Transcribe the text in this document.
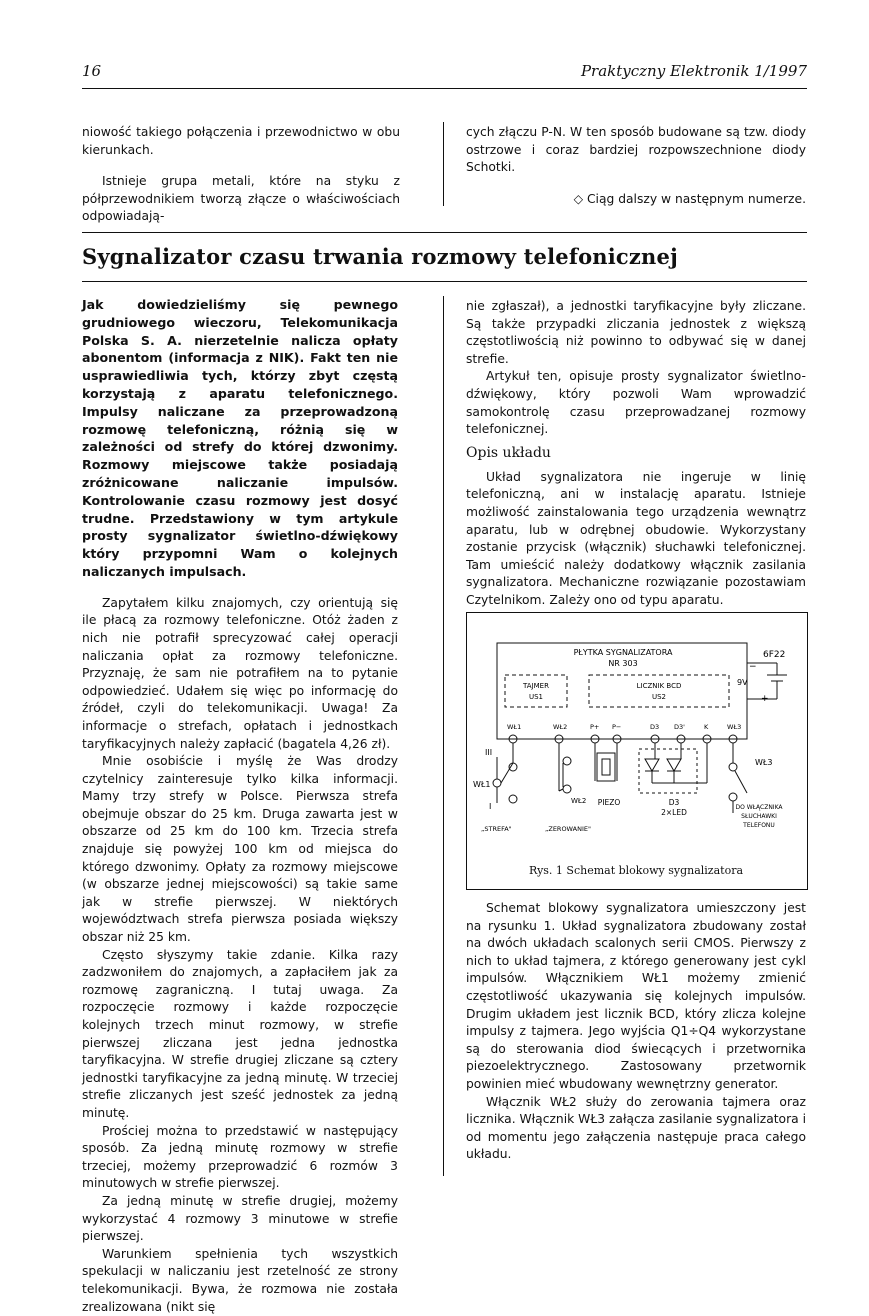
16	Praktyczny Elektronik 1/1997

niowość takiego połączenia i przewodnictwo w obu kierunkach.

Istnieje grupa metali, które na styku z półprzewodnikiem tworzą złącze o właściwościach odpowiadają-

cych złączu P-N. W ten sposób budowane są tzw. diody ostrzowe i coraz bardziej rozpowszechnione diody Schotki.

◇ Ciąg dalszy w następnym numerze.

Sygnalizator czasu trwania rozmowy telefonicznej

Jak dowiedzieliśmy się pewnego grudniowego wieczoru, Telekomunikacja Polska S. A. nierzetelnie nalicza opłaty abonentom (informacja z NIK). Fakt ten nie usprawiedliwia tych, którzy zbyt częstą korzystają z aparatu telefonicznego. Impulsy naliczane za przeprowadzoną rozmowę telefoniczną, różnią się w zależności od strefy do której dzwonimy. Rozmowy miejscowe także posiadają zróżnicowane naliczanie impulsów. Kontrolowanie czasu rozmowy jest dosyć trudne. Przedstawiony w tym artykule prosty sygnalizator świetlno-dźwiękowy który przypomni Wam o kolejnych naliczanych impulsach.

Zapytałem kilku znajomych, czy orientują się ile płacą za rozmowy telefoniczne. Otóż żaden z nich nie potrafił sprecyzować całej operacji naliczania opłat za rozmowy telefoniczne. Przyznaję, że sam nie potrafiłem na to pytanie odpowiedzieć. Udałem się więc po informację do źródeł, czyli do telekomunikacji. Uwaga! Za informacje o strefach, opłatach i jednostkach taryfikacyjnych należy zapłacić (bagatela 4,26 zł).

Mnie osobiście i myślę że Was drodzy czytelnicy zainteresuje tylko kilka informacji. Mamy trzy strefy w Polsce. Pierwsza strefa obejmuje obszar do 25 km. Druga zawarta jest w obszarze od 25 km do 100 km. Trzecia strefa znajduje się powyżej 100 km od miejsca do którego dzwonimy. Opłaty za rozmowy miejscowe (w obszarze jednej miejscowości) są takie same jak w strefie pierwszej. W niektórych województwach strefa pierwsza posiada większy obszar niż 25 km.

Często słyszymy takie zdanie. Kilka razy zadzwoniłem do znajomych, a zapłaciłem jak za rozmowę zagraniczną. I tutaj uwaga. Za rozpoczęcie rozmowy i każde rozpoczęcie kolejnych trzech minut rozmowy, w strefie pierwszej zliczana jest jedna jednostka taryfikacyjna. W strefie drugiej zliczane są cztery jednostki taryfikacyjne za jedną minutę. W trzeciej strefie zliczanych jest sześć jednostek za jedną minutę.

Prościej można to przedstawić w następujący sposób. Za jedną minutę rozmowy w strefie trzeciej, możemy przeprowadzić 6 rozmów 3 minutowych w strefie pierwszej.

Za jedną minutę w strefie drugiej, możemy wykorzystać 4 rozmowy 3 minutowe w strefie pierwszej.

Warunkiem spełnienia tych wszystkich spekulacji w naliczaniu jest rzetelność ze strony telekomunikacji. Bywa, że rozmowa nie została zrealizowana (nikt się

nie zgłaszał), a jednostki taryfikacyjne były zliczane. Są także przypadki zliczania jednostek z większą częstotliwością niż powinno to odbywać się w danej strefie.

Artykuł ten, opisuje prosty sygnalizator świetlno-dźwiękowy, który pozwoli Wam wprowadzić samokontrolę czasu przeprowadzanej rozmowy telefonicznej.

Opis układu

Układ sygnalizatora nie ingeruje w linię telefoniczną, ani w instalację aparatu. Istnieje możliwość zainstalowania tego urządzenia wewnątrz aparatu, lub w odrębnej obudowie. Wykorzystany zostanie przycisk (włącznik) słuchawki telefonicznej. Tam umieścić należy dodatkowy włącznik zasilania sygnalizatora. Mechaniczne rozwiązanie pozostawiam Czytelnikom. Zależy ono od typu aparatu.

PŁYTKA SYGNALIZATORA
NR 303
TAJMER
US1
LICZNIK BCD
US2
6F22
9V
−
+
WŁ1	WŁ2	P+ P−	D3 D3'	K	WŁ3
III
WŁ1
I
WŁ2 PIEZO	D3
2×LED
WŁ3
„STREFA"	„ZEROWANIE"
DO WŁĄCZNIKA
SŁUCHAWKI
TELEFONU
Rys. 1 Schemat blokowy sygnalizatora

Schemat blokowy sygnalizatora umieszczony jest na rysunku 1. Układ sygnalizatora zbudowany został na dwóch układach scalonych serii CMOS. Pierwszy z nich to układ tajmera, z którego generowany jest cykl impulsów. Włącznikiem WŁ1 możemy zmienić częstotliwość ukazywania się kolejnych impulsów. Drugim układem jest licznik BCD, który zlicza kolejne impulsy z tajmera. Jego wyjścia Q1÷Q4 wykorzystane są do sterowania diod świecących i przetwornika piezoelektrycznego. Zastosowany przetwornik powinien mieć wbudowany wewnętrzny generator.

Włącznik WŁ2 służy do zerowania tajmera oraz licznika. Włącznik WŁ3 załącza zasilanie sygnalizatora i od momentu jego załączenia następuje praca całego układu.
